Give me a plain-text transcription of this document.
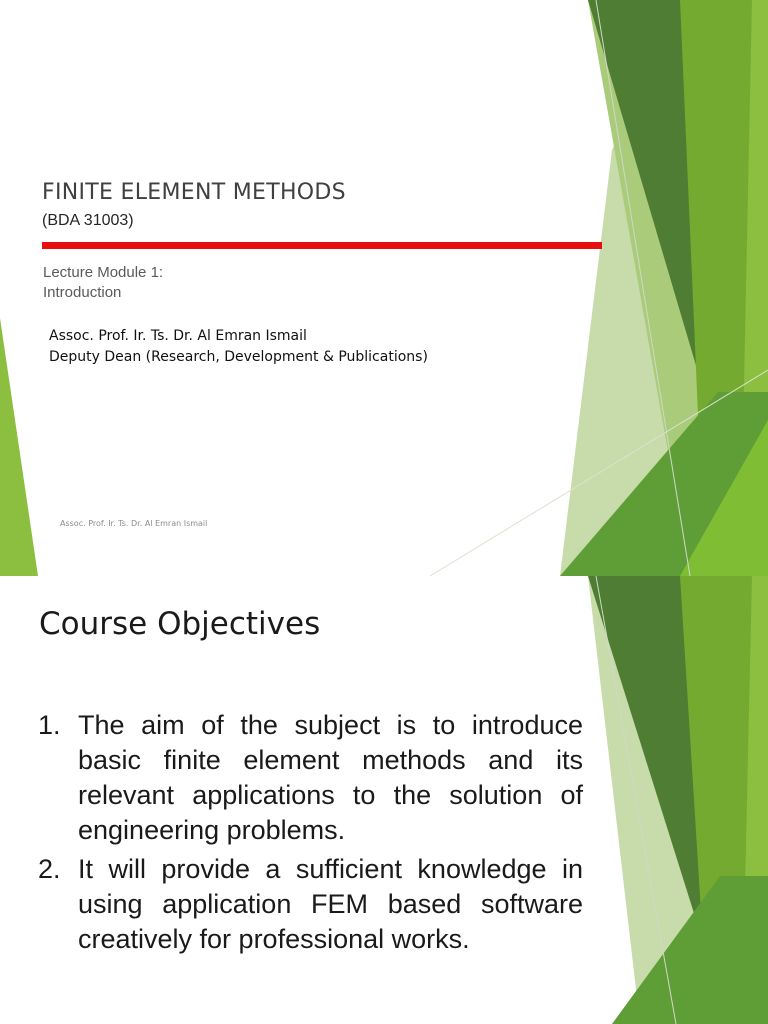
FINITE ELEMENT METHODS
(BDA 31003)
Lecture Module 1:
Introduction
Assoc. Prof. Ir. Ts. Dr. Al Emran Ismail
Deputy Dean (Research, Development & Publications)
Assoc. Prof. Ir. Ts. Dr. Al Emran Ismail
Course Objectives
1. The aim of the subject is to introduce basic finite element methods and its relevant applications to the solution of engineering problems.
2. It will provide a sufficient knowledge in using application FEM based software creatively for professional works.
